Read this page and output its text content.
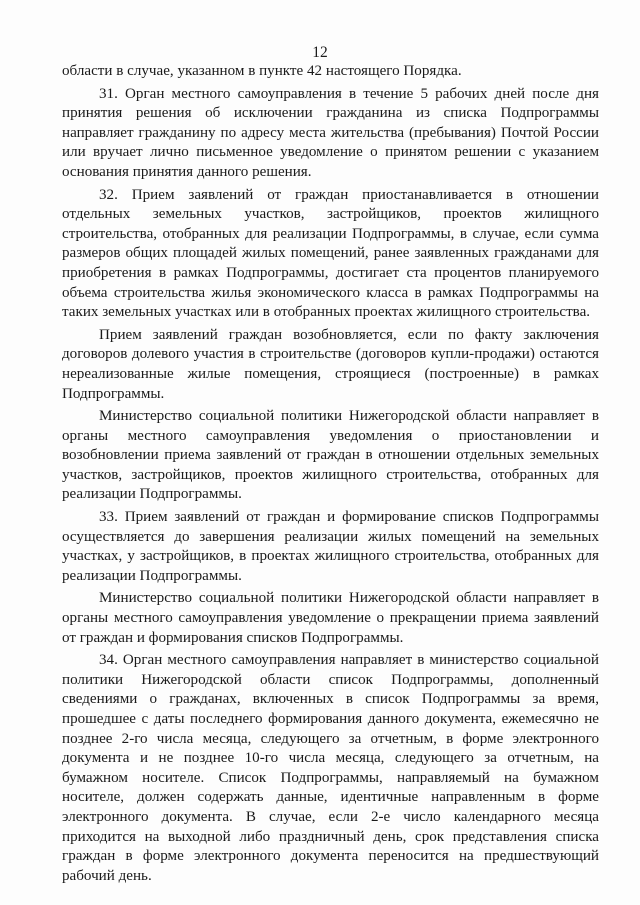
12

области в случае, указанном в пункте 42 настоящего Порядка.

31. Орган местного самоуправления в течение 5 рабочих дней после дня принятия решения об исключении гражданина из списка Подпрограммы направляет гражданину по адресу места жительства (пребывания) Почтой России или вручает лично письменное уведомление о принятом решении с указанием основания принятия данного решения.

32. Прием заявлений от граждан приостанавливается в отношении отдельных земельных участков, застройщиков, проектов жилищного строительства, отобранных для реализации Подпрограммы, в случае, если сумма размеров общих площадей жилых помещений, ранее заявленных гражданами для приобретения в рамках Подпрограммы, достигает ста процентов планируемого объема строительства жилья экономического класса в рамках Подпрограммы на таких земельных участках или в отобранных проектах жилищного строительства.

Прием заявлений граждан возобновляется, если по факту заключения договоров долевого участия в строительстве (договоров купли-продажи) остаются нереализованные жилые помещения, строящиеся (построенные) в рамках Подпрограммы.

Министерство социальной политики Нижегородской области направляет в органы местного самоуправления уведомления о приостановлении и возобновлении приема заявлений от граждан в отношении отдельных земельных участков, застройщиков, проектов жилищного строительства, отобранных для реализации Подпрограммы.

33. Прием заявлений от граждан и формирование списков Подпрограммы осуществляется до завершения реализации жилых помещений на земельных участках, у застройщиков, в проектах жилищного строительства, отобранных для реализации Подпрограммы.

Министерство социальной политики Нижегородской области направляет в органы местного самоуправления уведомление о прекращении приема заявлений от граждан и формирования списков Подпрограммы.

34. Орган местного самоуправления направляет в министерство социальной политики Нижегородской области список Подпрограммы, дополненный сведениями о гражданах, включенных в список Подпрограммы за время, прошедшее с даты последнего формирования данного документа, ежемесячно не позднее 2-го числа месяца, следующего за отчетным, в форме электронного документа и не позднее 10-го числа месяца, следующего за отчетным, на бумажном носителе. Список Подпрограммы, направляемый на бумажном носителе, должен содержать данные, идентичные направленным в форме электронного документа. В случае, если 2-е число календарного месяца приходится на выходной либо праздничный день, срок представления списка граждан в форме электронного документа переносится на предшествующий рабочий день.
